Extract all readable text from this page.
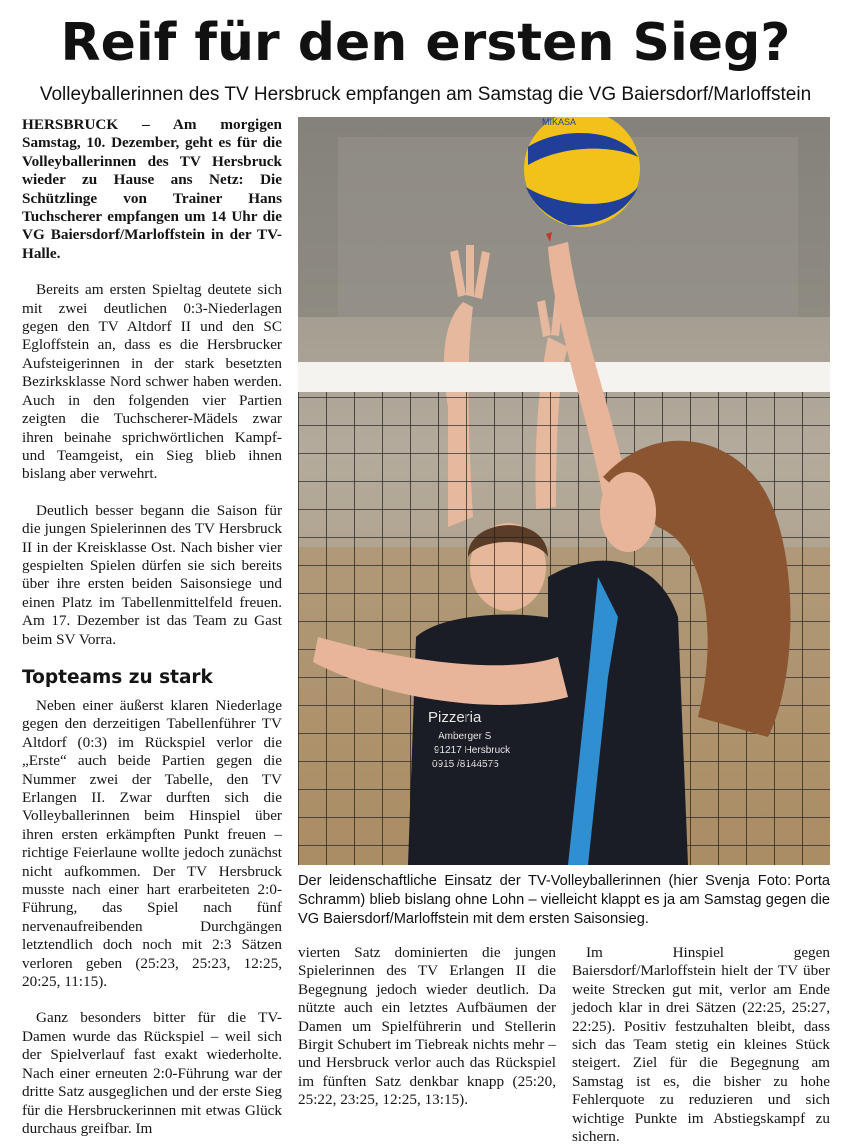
Reif für den ersten Sieg?
Volleyballerinnen des TV Hersbruck empfangen am Samstag die VG Baiersdorf/Marloffstein

HERSBRUCK – Am morgigen Samstag, 10. Dezember, geht es für die Volleyballerinnen des TV Hersbruck wieder zu Hause ans Netz: Die Schützlinge von Trainer Hans Tuchscherer empfangen um 14 Uhr die VG Baiersdorf/Marloffstein in der TV-Halle.

Bereits am ersten Spieltag deutete sich mit zwei deutlichen 0:3-Niederlagen gegen den TV Altdorf II und den SC Egloffstein an, dass es die Hersbrucker Aufsteigerinnen in der stark besetzten Bezirksklasse Nord schwer haben werden. Auch in den folgenden vier Partien zeigten die Tuchscherer-Mädels zwar ihren beinahe sprichwörtlichen Kampf- und Teamgeist, ein Sieg blieb ihnen bislang aber verwehrt.

Deutlich besser begann die Saison für die jungen Spielerinnen des TV Hersbruck II in der Kreisklasse Ost. Nach bisher vier gespielten Spielen dürfen sie sich bereits über ihre ersten beiden Saisonsiege und einen Platz im Tabellenmittelfeld freuen. Am 17. Dezember ist das Team zu Gast beim SV Vorra.

Topteams zu stark

Neben einer äußerst klaren Niederlage gegen den derzeitigen Tabellenführer TV Altdorf (0:3) im Rückspiel verlor die „Erste“ auch beide Partien gegen die Nummer zwei der Tabelle, den TV Erlangen II. Zwar durften sich die Volleyballerinnen beim Hinspiel über ihren ersten erkämpften Punkt freuen – richtige Feierlaune wollte jedoch zunächst nicht aufkommen. Der TV Hersbruck musste nach einer hart erarbeiteten 2:0-Führung, das Spiel nach fünf nervenaufreibenden Durchgängen letztendlich doch noch mit 2:3 Sätzen verloren geben (25:23, 25:23, 12:25, 20:25, 11:15).

Ganz besonders bitter für die TV-Damen wurde das Rückspiel – weil sich der Spielverlauf fast exakt wiederholte. Nach einer erneuten 2:0-Führung war der dritte Satz ausgeglichen und der erste Sieg für die Hersbruckerinnen mit etwas Glück durchaus greifbar. Im

MIKASA
Foto: Porta
Der leidenschaftliche Einsatz der TV-Volleyballerinnen (hier Svenja Schramm) blieb bislang ohne Lohn – vielleicht klappt es ja am Samstag gegen die VG Baiersdorf/Marloffstein mit dem ersten Saisonsieg.

vierten Satz dominierten die jungen Spielerinnen des TV Erlangen II die Begegnung jedoch wieder deutlich. Da nützte auch ein letztes Aufbäumen der Damen um Spielführerin und Stellerin Birgit Schubert im Tiebreak nichts mehr – und Hersbruck verlor auch das Rückspiel im fünften Satz denkbar knapp (25:20, 25:22, 23:25, 12:25, 13:15).

Im Hinspiel gegen Baiersdorf/Marloffstein hielt der TV über weite Strecken gut mit, verlor am Ende jedoch klar in drei Sätzen (22:25, 25:27, 22:25). Positiv festzuhalten bleibt, dass sich das Team stetig ein kleines Stück steigert. Ziel für die Begegnung am Samstag ist es, die bisher zu hohe Fehlerquote zu reduzieren und sich wichtige Punkte im Abstiegskampf zu sichern.
